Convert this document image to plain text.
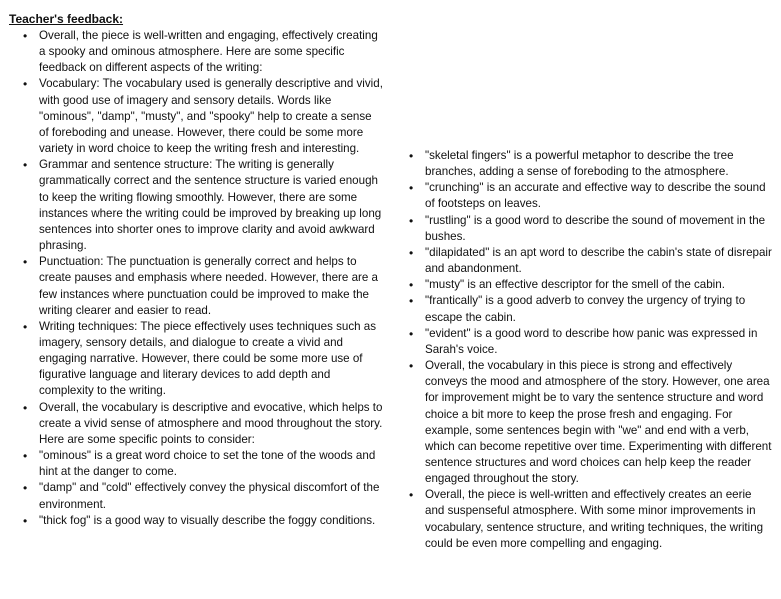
Teacher's feedback:

• Overall, the piece is well-written and engaging, effectively creating a spooky and ominous atmosphere. Here are some specific feedback on different aspects of the writing:
• Vocabulary: The vocabulary used is generally descriptive and vivid, with good use of imagery and sensory details. Words like "ominous", "damp", "musty", and "spooky" help to create a sense of foreboding and unease. However, there could be some more variety in word choice to keep the writing fresh and interesting.
• Grammar and sentence structure: The writing is generally grammatically correct and the sentence structure is varied enough to keep the writing flowing smoothly. However, there are some instances where the writing could be improved by breaking up long sentences into shorter ones to improve clarity and avoid awkward phrasing.
• Punctuation: The punctuation is generally correct and helps to create pauses and emphasis where needed. However, there are a few instances where punctuation could be improved to make the writing clearer and easier to read.
• Writing techniques: The piece effectively uses techniques such as imagery, sensory details, and dialogue to create a vivid and engaging narrative. However, there could be some more use of figurative language and literary devices to add depth and complexity to the writing.
• Overall, the vocabulary is descriptive and evocative, which helps to create a vivid sense of atmosphere and mood throughout the story. Here are some specific points to consider:
• "ominous" is a great word choice to set the tone of the woods and hint at the danger to come.
• "damp" and "cold" effectively convey the physical discomfort of the environment.
• "thick fog" is a good way to visually describe the foggy conditions.
• "skeletal fingers" is a powerful metaphor to describe the tree branches, adding a sense of foreboding to the atmosphere.
• "crunching" is an accurate and effective way to describe the sound of footsteps on leaves.
• "rustling" is a good word to describe the sound of movement in the bushes.
• "dilapidated" is an apt word to describe the cabin's state of disrepair and abandonment.
• "musty" is an effective descriptor for the smell of the cabin.
• "frantically" is a good adverb to convey the urgency of trying to escape the cabin.
• "evident" is a good word to describe how panic was expressed in Sarah's voice.
• Overall, the vocabulary in this piece is strong and effectively conveys the mood and atmosphere of the story. However, one area for improvement might be to vary the sentence structure and word choice a bit more to keep the prose fresh and engaging. For example, some sentences begin with "we" and end with a verb, which can become repetitive over time. Experimenting with different sentence structures and word choices can help keep the reader engaged throughout the story.
• Overall, the piece is well-written and effectively creates an eerie and suspenseful atmosphere. With some minor improvements in vocabulary, sentence structure, and writing techniques, the writing could be even more compelling and engaging.
